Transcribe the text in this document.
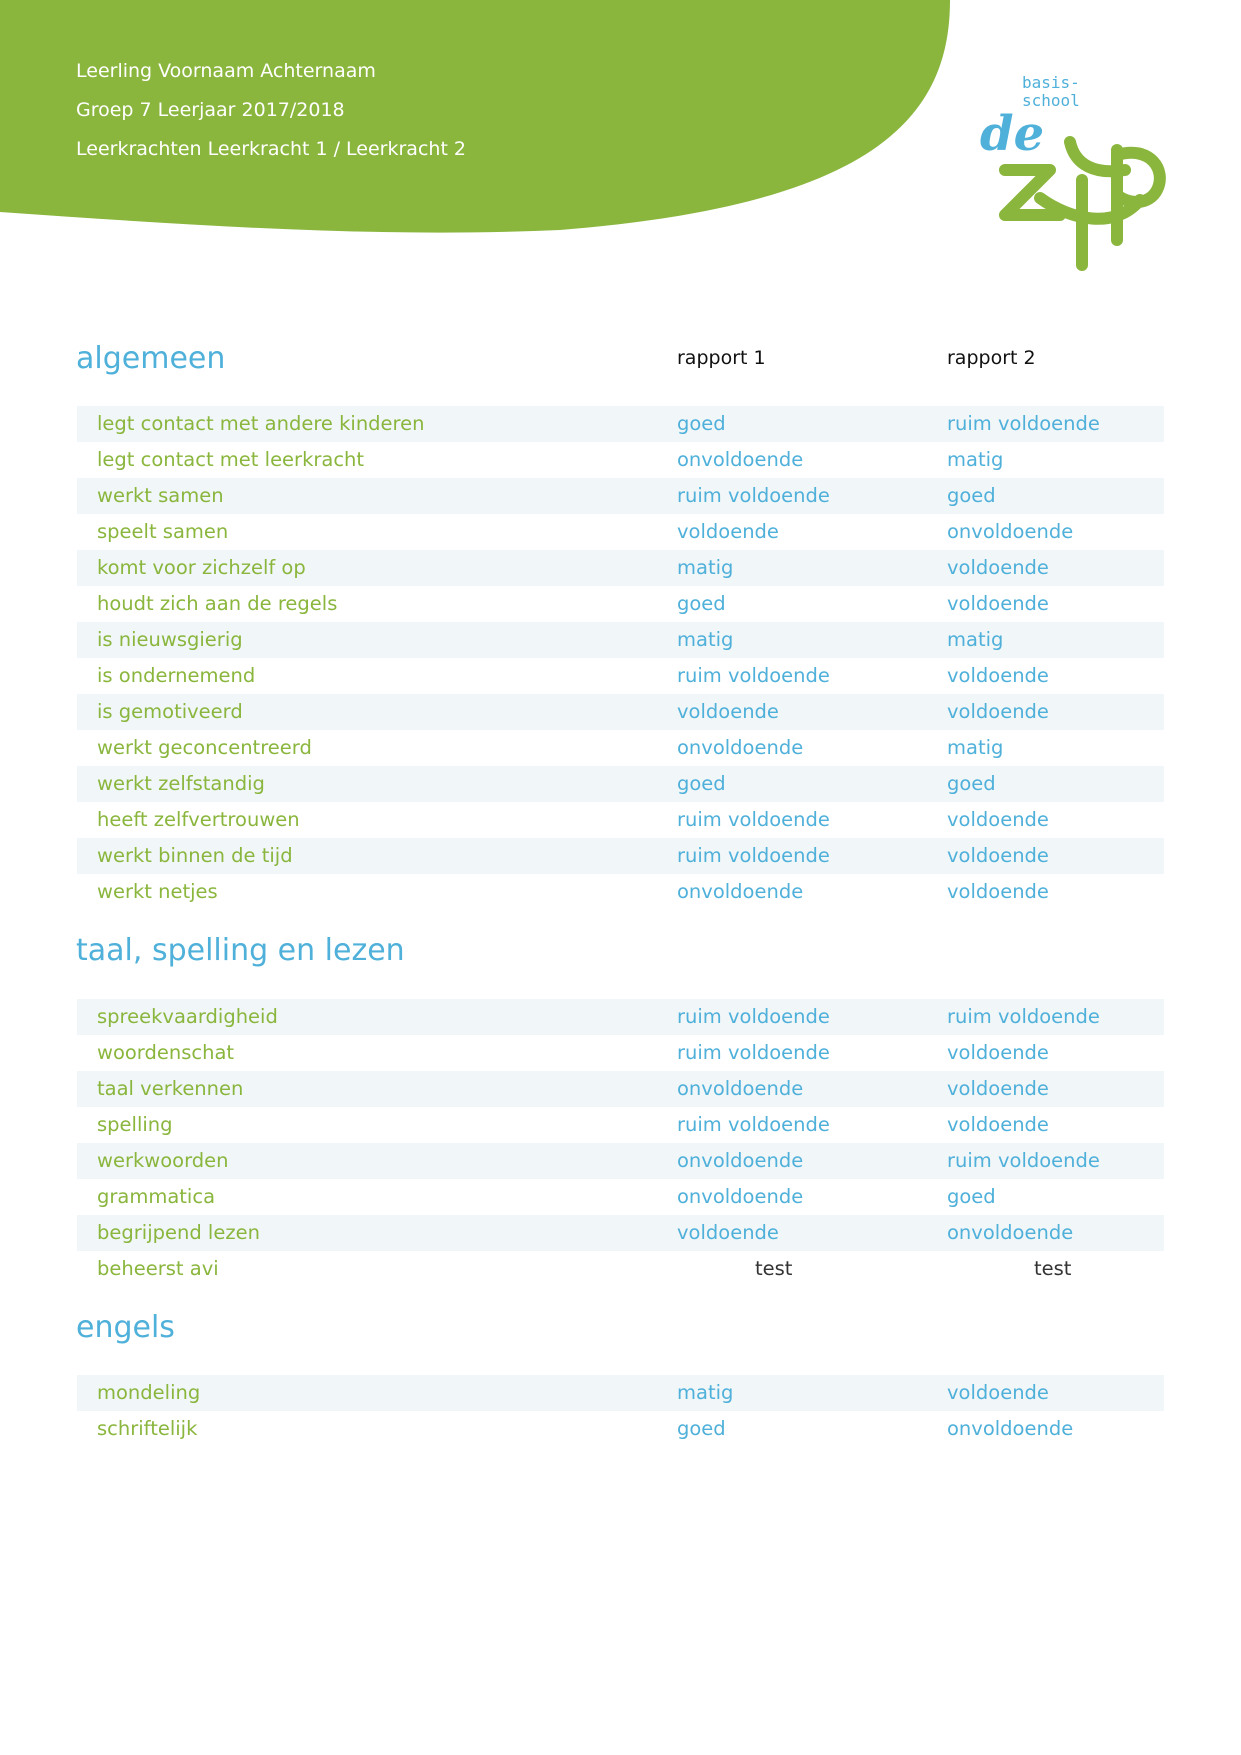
Leerling Voornaam Achternaam
Groep 7 Leerjaar 2017/2018
Leerkrachten Leerkracht 1 / Leerkracht 2
basis-
school
de
rapport 1	rapport 2
algemeen
legt contact met andere kinderen	goed	ruim voldoende
legt contact met leerkracht	onvoldoende	matig
werkt samen	ruim voldoende	goed
speelt samen	voldoende	onvoldoende
komt voor zichzelf op	matig	voldoende
houdt zich aan de regels	goed	voldoende
is nieuwsgierig	matig	matig
is ondernemend	ruim voldoende	voldoende
is gemotiveerd	voldoende	voldoende
werkt geconcentreerd	onvoldoende	matig
werkt zelfstandig	goed	goed
heeft zelfvertrouwen	ruim voldoende	voldoende
werkt binnen de tijd	ruim voldoende	voldoende
werkt netjes	onvoldoende	voldoende
taal, spelling en lezen
spreekvaardigheid	ruim voldoende	ruim voldoende
woordenschat	ruim voldoende	voldoende
taal verkennen	onvoldoende	voldoende
spelling	ruim voldoende	voldoende
werkwoorden	onvoldoende	ruim voldoende
grammatica	onvoldoende	goed
begrijpend lezen	voldoende	onvoldoende
beheerst avi	test	test
engels
mondeling	matig	voldoende
schriftelijk	goed	onvoldoende
